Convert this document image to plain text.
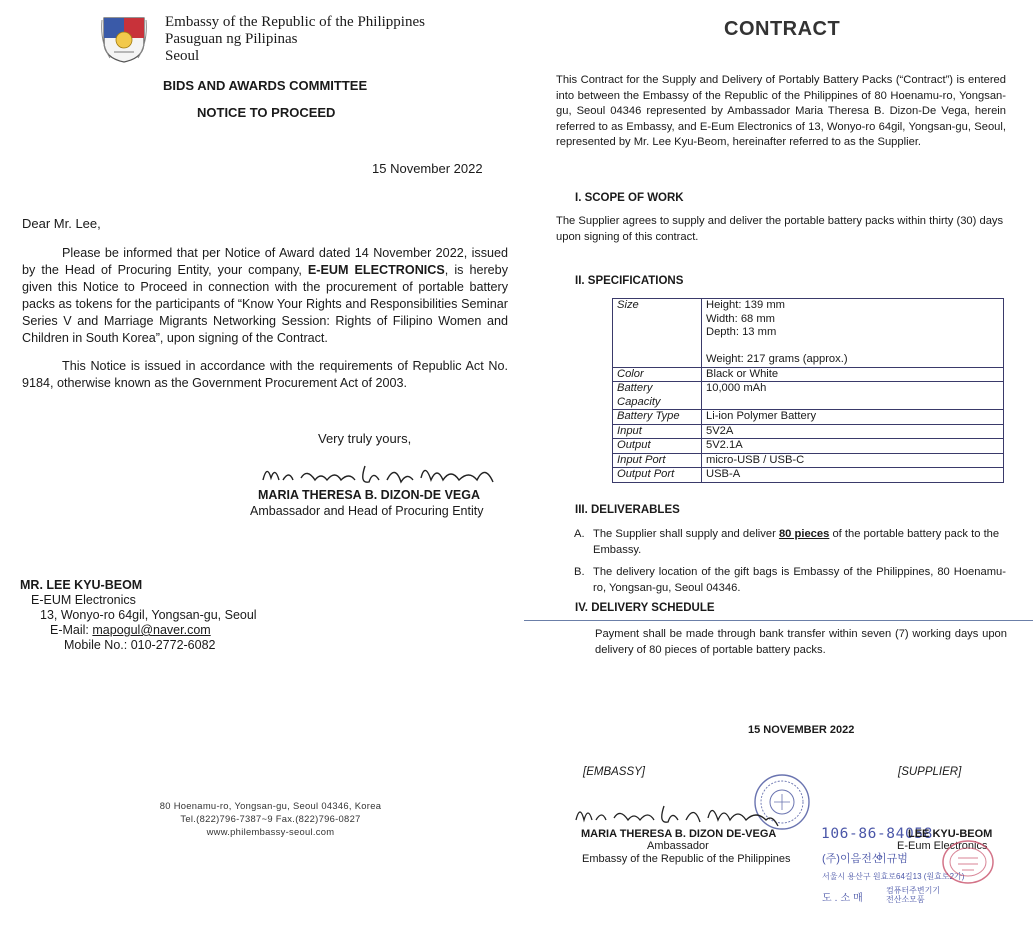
Embassy of the Republic of the Philippines
Pasuguan ng Pilipinas
Seoul
BIDS AND AWARDS COMMITTEE
NOTICE TO PROCEED
15 November 2022
Dear Mr. Lee,
Please be informed that per Notice of Award dated 14 November 2022, issued by the Head of Procuring Entity, your company, E-EUM ELECTRONICS, is hereby given this Notice to Proceed in connection with the procurement of portable battery packs as tokens for the participants of “Know Your Rights and Responsibilities Seminar Series V and Marriage Migrants Networking Session: Rights of Filipino Women and Children in South Korea”, upon signing of the Contract.
This Notice is issued in accordance with the requirements of Republic Act No. 9184, otherwise known as the Government Procurement Act of 2003.
Very truly yours,
MARIA THERESA B. DIZON-DE VEGA
Ambassador and Head of Procuring Entity
MR. LEE KYU-BEOM
E-EUM Electronics
13, Wonyo-ro 64gil, Yongsan-gu, Seoul
E-Mail: mapogul@naver.com
Mobile No.: 010-2772-6082
80 Hoenamu-ro, Yongsan-gu, Seoul 04346, Korea
Tel.(822)796-7387~9 Fax.(822)796-0827
www.philembassy-seoul.com
CONTRACT
This Contract for the Supply and Delivery of Portably Battery Packs (“Contract”) is entered into between the Embassy of the Republic of the Philippines of 80 Hoenamu-ro, Yongsan-gu, Seoul 04346 represented by Ambassador Maria Theresa B. Dizon-De Vega, herein referred to as Embassy, and E-Eum Electronics of 13, Wonyo-ro 64gil, Yongsan-gu, Seoul, represented by Mr. Lee Kyu-Beom, hereinafter referred to as the Supplier.
I. SCOPE OF WORK
The Supplier agrees to supply and deliver the portable battery packs within thirty (30) days upon signing of this contract.
II. SPECIFICATIONS
Size	Height: 139 mm
Width: 68 mm
Depth: 13 mm

Weight: 217 grams (approx.)

Color	Black or White

Battery Capacity	10,000 mAh

Battery Type	Li-ion Polymer Battery

Input	5V2A

Output	5V2.1A

Input Port	micro-USB / USB-C

Output Port	USB-A
III. DELIVERABLES
A. The Supplier shall supply and deliver 80 pieces of the portable battery pack to the Embassy.
B. The delivery location of the gift bags is Embassy of the Philippines, 80 Hoenamu-ro, Yongsan-gu, Seoul 04346.
IV. DELIVERY SCHEDULE
Payment shall be made through bank transfer within seven (7) working days upon delivery of 80 pieces of portable battery packs.
15 NOVEMBER 2022
[EMBASSY]	[SUPPLIER]
MARIA THERESA B. DIZON DE-VEGA
Ambassador
Embassy of the Republic of the Philippines
106-86-84058
LEE KYU-BEOM
E-Eum Electronics
(주)이음전산
이규범
서울시 용산구 원효로64길13 (원효로2가)
도.소매
컴퓨터주변기기
전산소모품
